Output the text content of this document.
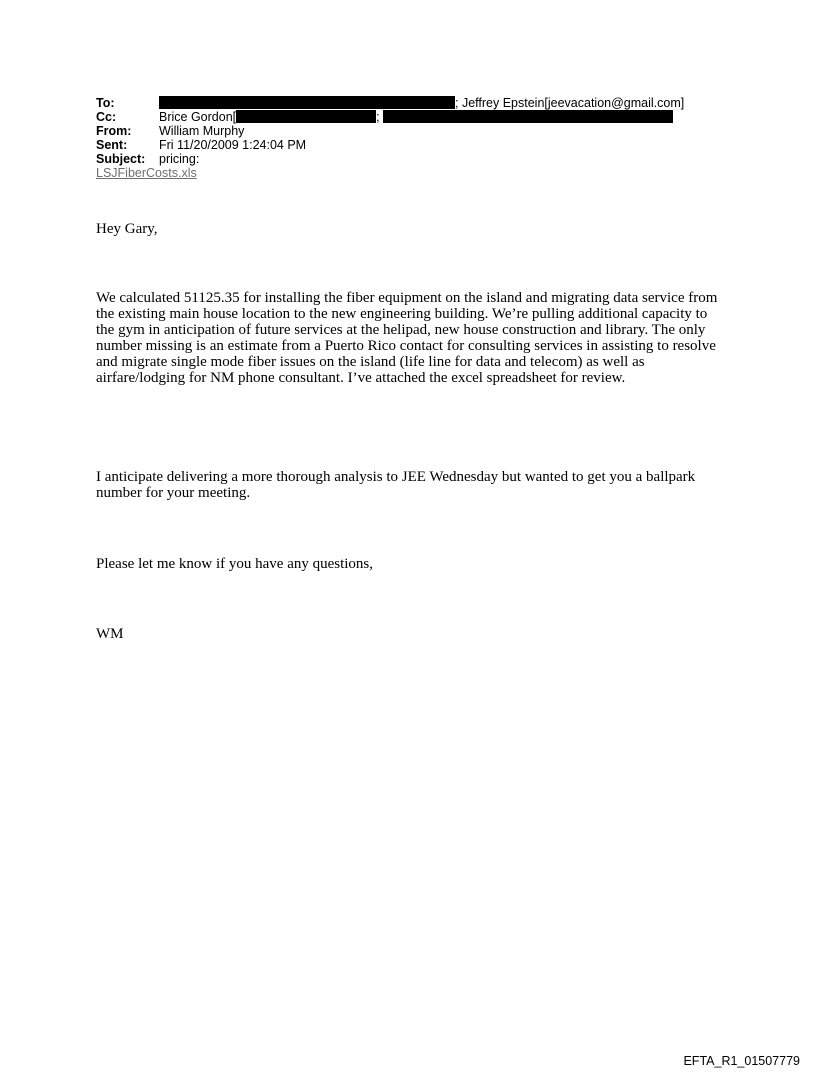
To:	; Jeffrey Epstein[jeevacation@gmail.com]
Cc:	Brice Gordon[	;
From: William Murphy
Sent:	Fri 11/20/2009 1:24:04 PM
Subject: pricing:
LSJFiberCosts.xls

Hey Gary,

We calculated 51125.35 for installing the fiber equipment on the island and migrating data service from the existing main house location to the new engineering building. We’re pulling additional capacity to the gym in anticipation of future services at the helipad, new house construction and library. The only number missing is an estimate from a Puerto Rico contact for consulting services in assisting to resolve and migrate single mode fiber issues on the island (life line for data and telecom) as well as airfare/lodging for NM phone consultant. I’ve attached the excel spreadsheet for review.

I anticipate delivering a more thorough analysis to JEE Wednesday but wanted to get you a ballpark number for your meeting.

Please let me know if you have any questions,

WM

EFTA_R1_01507779
